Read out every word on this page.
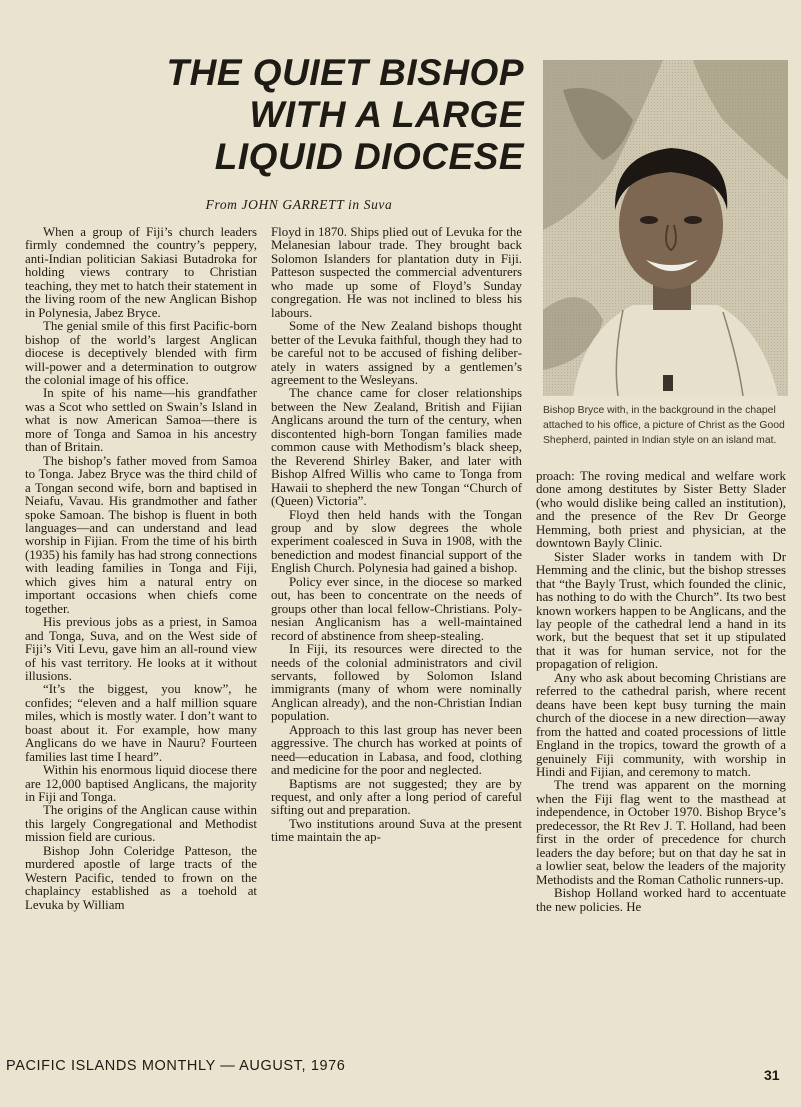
THE QUIET BISHOP
WITH A LARGE
LIQUID DIOCESE
From JOHN GARRETT in Suva

When a group of Fiji’s church leaders firmly condemned the country’s peppery, anti-Indian politician Sakiasi Butadroka for holding views contrary to Christian teaching, they met to hatch their statement in the living room of the new Anglican Bishop in Polynesia, Jabez Bryce.

The genial smile of this first Pacific-born bishop of the world’s largest Anglican diocese is deceptively blended with firm will-power and a determination to outgrow the colonial image of his office.

In spite of his name—his grandfather was a Scot who settled on Swain’s Island in what is now American Samoa—there is more of Tonga and Samoa in his ancestry than of Britain.

The bishop’s father moved from Samoa to Tonga. Jabez Bryce was the third child of a Tongan second wife, born and baptised in Neiafu, Vavau. His grandmother and father spoke Samoan. The bishop is fluent in both languages—and can understand and lead worship in Fijian. From the time of his birth (1935) his family has had strong connections with leading families in Tonga and Fiji, which gives him a natural entry on important occasions when chiefs come together.

His previous jobs as a priest, in Samoa and Tonga, Suva, and on the West side of Fiji’s Viti Levu, gave him an all-round view of his vast territory. He looks at it without illusions.

“It’s the biggest, you know”, he confides; “eleven and a half million square miles, which is mostly water. I don’t want to boast about it. For example, how many Anglicans do we have in Nauru? Fourteen families last time I heard”.

Within his enormous liquid diocese there are 12,000 baptised Anglicans, the majority in Fiji and Tonga.

The origins of the Anglican cause within this largely Congregational and Methodist mission field are curious.

Bishop John Coleridge Patteson, the murdered apostle of large tracts of the Western Pacific, tended to frown on the chaplaincy established as a toehold at Levuka by William

Floyd in 1870. Ships plied out of Levuka for the Melanesian labour trade. They brought back Solomon Islanders for plantation duty in Fiji. Patteson suspected the commercial adventurers who made up some of Floyd’s Sunday congregation. He was not inclined to bless his labours.

Some of the New Zealand bishops thought better of the Levuka faithful, though they had to be careful not to be accused of fishing deliberately in waters assigned by a gentlemen’s agreement to the Wesleyans.

The chance came for closer relationships between the New Zealand, British and Fijian Anglicans around the turn of the century, when discontented high-born Tongan families made common cause with Methodism’s black sheep, the Reverend Shirley Baker, and later with Bishop Alfred Willis who came to Tonga from Hawaii to shepherd the new Tongan “Church of (Queen) Victoria”.

Floyd then held hands with the Tongan group and by slow degrees the whole experiment coalesced in Suva in 1908, with the benediction and modest financial support of the English Church. Polynesia had gained a bishop.

Policy ever since, in the diocese so marked out, has been to concentrate on the needs of groups other than local fellow-Christians. Polynesian Anglicanism has a well-maintained record of abstinence from sheep-stealing.

In Fiji, its resources were directed to the needs of the colonial administrators and civil servants, followed by Solomon Island immigrants (many of whom were nominally Anglican already), and the non-Christian Indian population.

Approach to this last group has never been aggressive. The church has worked at points of need—education in Labasa, and food, clothing and medicine for the poor and neglected.

Baptisms are not suggested; they are by request, and only after a long period of careful sifting out and preparation.

Two institutions around Suva at the present time maintain the ap-

Bishop Bryce with, in the background in the chapel attached to his office, a picture of Christ as the Good Shepherd, painted in Indian style on an island mat.

proach: The roving medical and welfare work done among destitutes by Sister Betty Slader (who would dislike being called an institution), and the presence of the Rev Dr George Hemming, both priest and physician, at the downtown Bayly Clinic.

Sister Slader works in tandem with Dr Hemming and the clinic, but the bishop stresses that “the Bayly Trust, which founded the clinic, has nothing to do with the Church”. Its two best known workers happen to be Anglicans, and the lay people of the cathedral lend a hand in its work, but the bequest that set it up stipulated that it was for human service, not for the propagation of religion.

Any who ask about becoming Christians are referred to the cathedral parish, where recent deans have been kept busy turning the main church of the diocese in a new direction—away from the hatted and coated processions of little England in the tropics, toward the growth of a genuinely Fiji community, with worship in Hindi and Fijian, and ceremony to match.

The trend was apparent on the morning when the Fiji flag went to the masthead at independence, in October 1970. Bishop Bryce’s predecessor, the Rt Rev J. T. Holland, had been first in the order of precedence for church leaders the day before; but on that day he sat in a lowlier seat, below the leaders of the majority Methodists and the Roman Catholic runners-up.

Bishop Holland worked hard to accentuate the new policies. He

PACIFIC ISLANDS MONTHLY — AUGUST, 1976
31
